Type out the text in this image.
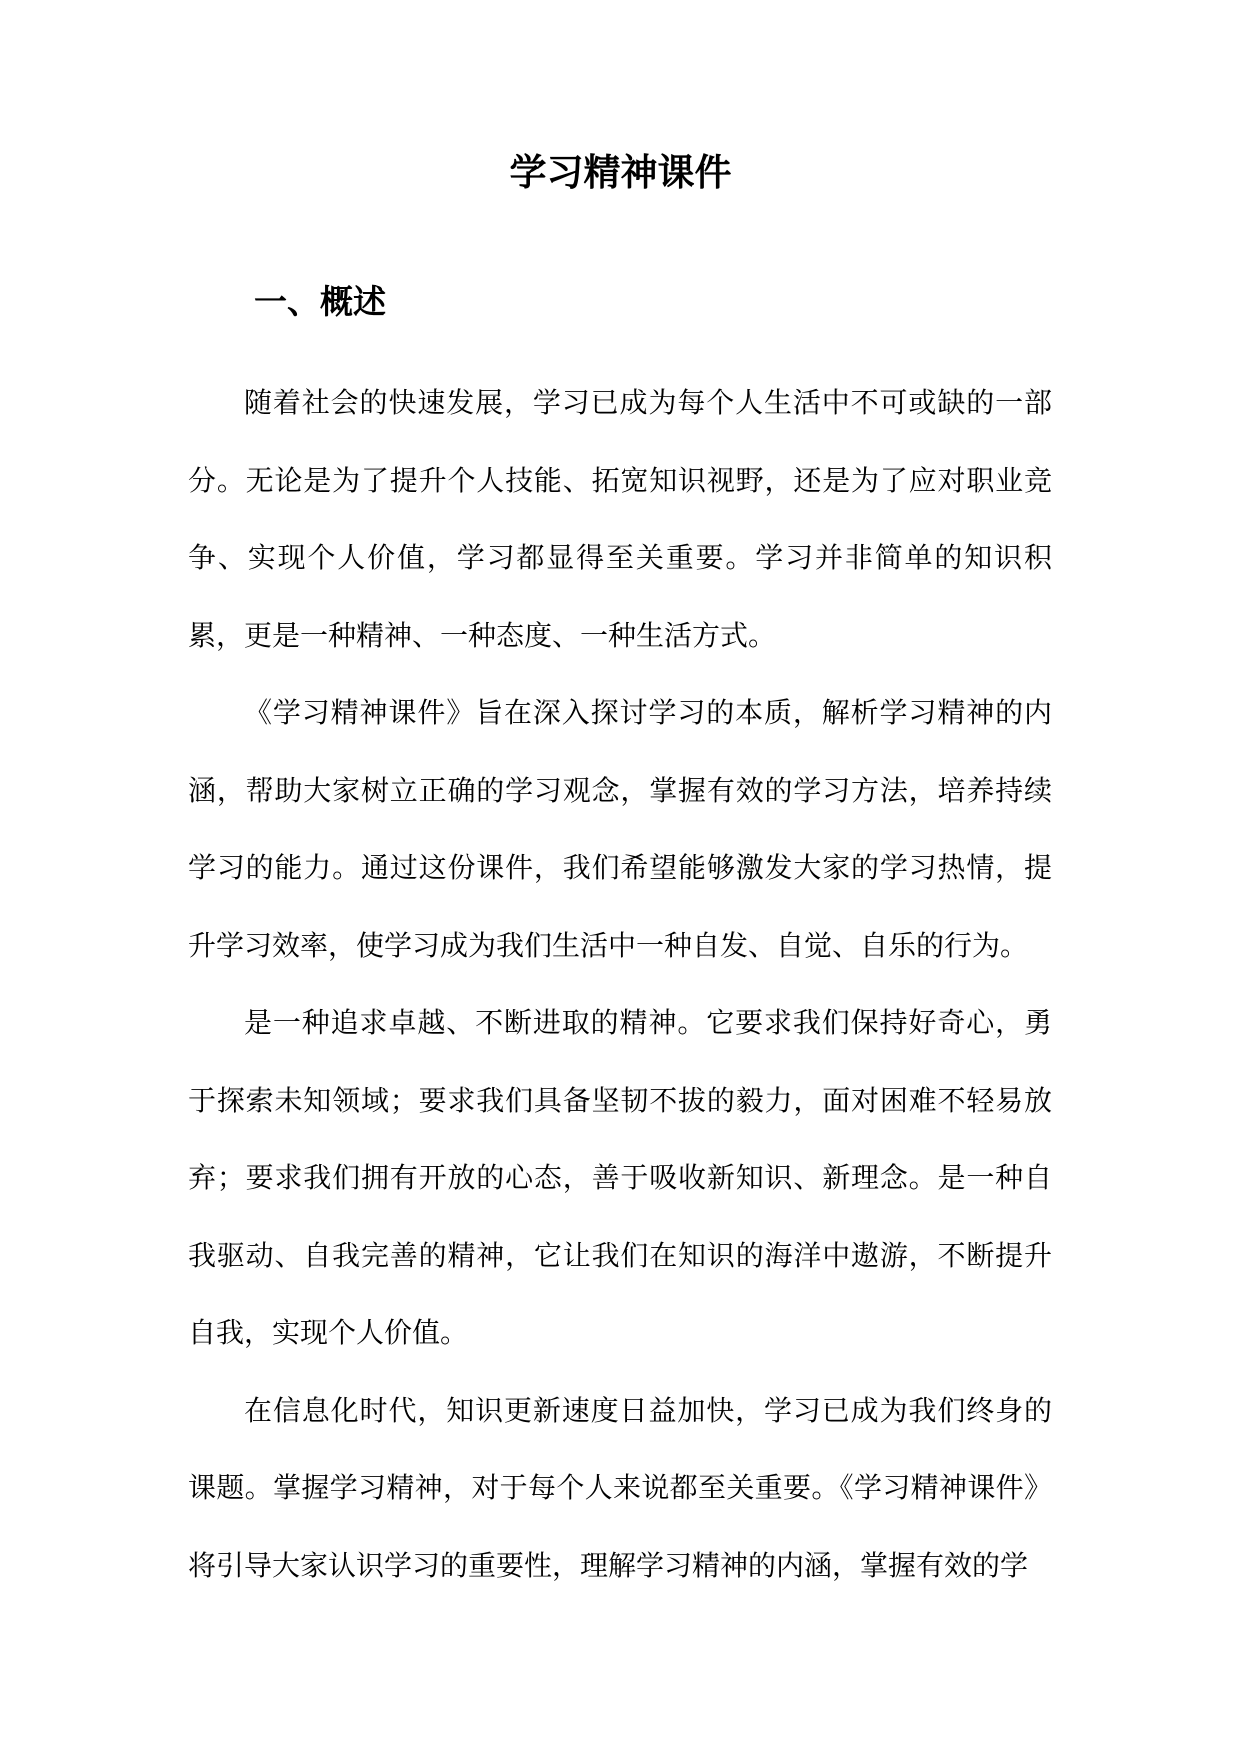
学习精神课件
一、概述

随着社会的快速发展，学习已成为每个人生活中不可或缺的一部分。无论是为了提升个人技能、拓宽知识视野，还是为了应对职业竞争、实现个人价值，学习都显得至关重要。学习并非简单的知识积累，更是一种精神、一种态度、一种生活方式。

《学习精神课件》旨在深入探讨学习的本质，解析学习精神的内涵，帮助大家树立正确的学习观念，掌握有效的学习方法，培养持续学习的能力。通过这份课件，我们希望能够激发大家的学习热情，提升学习效率，使学习成为我们生活中一种自发、自觉、自乐的行为。

是一种追求卓越、不断进取的精神。它要求我们保持好奇心，勇于探索未知领域；要求我们具备坚韧不拔的毅力，面对困难不轻易放弃；要求我们拥有开放的心态，善于吸收新知识、新理念。是一种自我驱动、自我完善的精神，它让我们在知识的海洋中遨游，不断提升自我，实现个人价值。

在信息化时代，知识更新速度日益加快，学习已成为我们终身的课题。掌握学习精神，对于每个人来说都至关重要。《学习精神课件》将引导大家认识学习的重要性，理解学习精神的内涵，掌握有效的学
